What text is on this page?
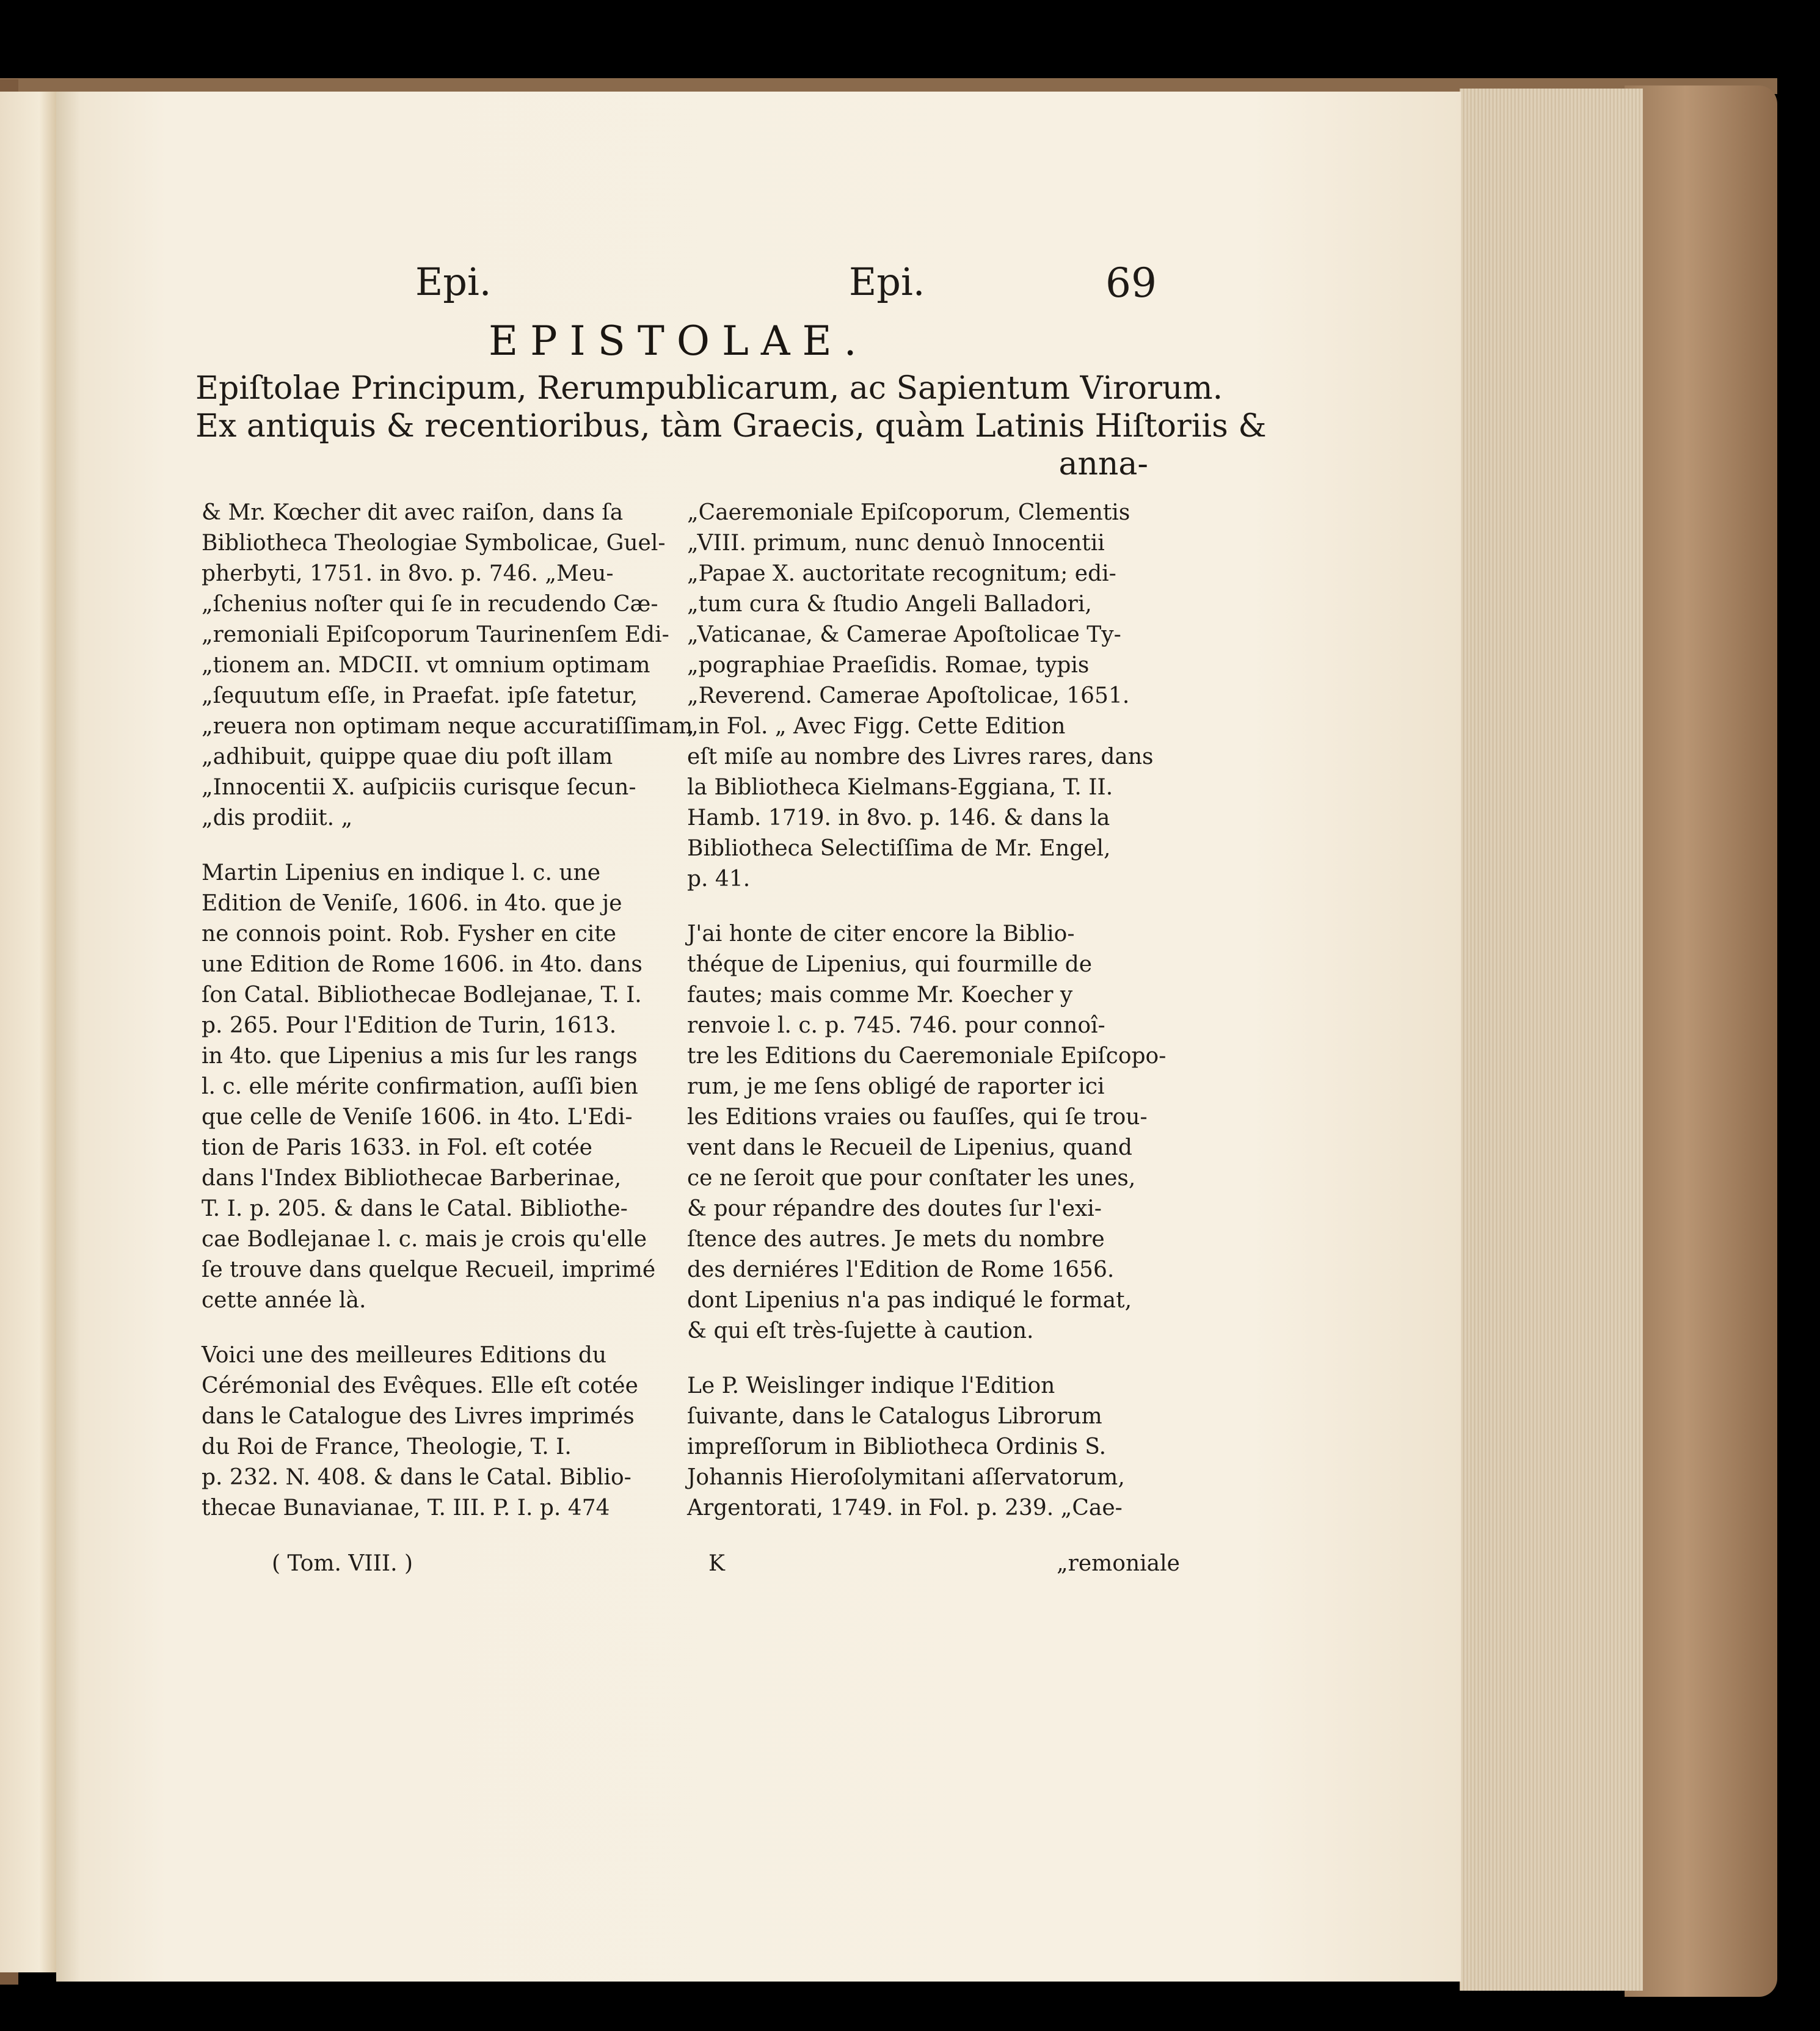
Epi.	Epi.	69
EPISTOLAE.
Epiſtolae Principum, Rerumpublicarum, ac Sapientum Virorum.
Ex antiquis & recentioribus, tàm Graecis, quàm Latinis Hiſtoriis &
anna-
& Mr. Kœcher dit avec raiſon, dans ſa
Bibliotheca Theologiae Symbolicae, Guel-
pherbyti, 1751. in 8vo. p. 746. „Meu-
„ſchenius noſter qui ſe in recudendo Cæ-
„remoniali Epiſcoporum Taurinenſem Edi-
„tionem an. MDCII. vt omnium optimam
„ſequutum eſſe, in Praefat. ipſe fatetur,
„reuera non optimam neque accuratiſſimam
„adhibuit, quippe quae diu poſt illam
„Innocentii X. auſpiciis curisque ſecun-
„dis prodiit. „
Martin Lipenius en indique l. c. une
Edition de Veniſe, 1606. in 4to. que je
ne connois point. Rob. Fysher en cite
une Edition de Rome 1606. in 4to. dans
ſon Catal. Bibliothecae Bodlejanae, T. I.
p. 265. Pour l'Edition de Turin, 1613.
in 4to. que Lipenius a mis ſur les rangs
l. c. elle mérite confirmation, auſſi bien
que celle de Veniſe 1606. in 4to. L'Edi-
tion de Paris 1633. in Fol. eſt cotée
dans l'Index Bibliothecae Barberinae,
T. I. p. 205. & dans le Catal. Bibliothe-
cae Bodlejanae l. c. mais je crois qu'elle
ſe trouve dans quelque Recueil, imprimé
cette année là.
Voici une des meilleures Editions du
Cérémonial des Evêques. Elle eſt cotée
dans le Catalogue des Livres imprimés
du Roi de France, Theologie, T. I.
p. 232. N. 408. & dans le Catal. Biblio-
thecae Bunavianae, T. III. P. I. p. 474
„Caeremoniale Epiſcoporum, Clementis
„VIII. primum, nunc denuò Innocentii
„Papae X. auctoritate recognitum; edi-
„tum cura & ſtudio Angeli Balladori,
„Vaticanae, & Camerae Apoſtolicae Ty-
„pographiae Praeſidis. Romae, typis
„Reverend. Camerae Apoſtolicae, 1651.
„in Fol. „ Avec Figg. Cette Edition
eſt miſe au nombre des Livres rares, dans
la Bibliotheca Kielmans-Eggiana, T. II.
Hamb. 1719. in 8vo. p. 146. & dans la
Bibliotheca Selectiſſima de Mr. Engel,
p. 41.
J'ai honte de citer encore la Biblio-
théque de Lipenius, qui fourmille de
fautes; mais comme Mr. Koecher y
renvoie l. c. p. 745. 746. pour connoî-
tre les Editions du Caeremoniale Epiſcopo-
rum, je me ſens obligé de raporter ici
les Editions vraies ou fauſſes, qui ſe trou-
vent dans le Recueil de Lipenius, quand
ce ne ſeroit que pour conſtater les unes,
& pour répandre des doutes ſur l'exi-
ſtence des autres. Je mets du nombre
des derniéres l'Edition de Rome 1656.
dont Lipenius n'a pas indiqué le format,
& qui eſt très-ſujette à caution.
Le P. Weislinger indique l'Edition
ſuivante, dans le Catalogus Librorum
impreſſorum in Bibliotheca Ordinis S.
Johannis Hieroſolymitani aſſervatorum,
Argentorati, 1749. in Fol. p. 239. „Cae-
( Tom. VIII. )	K	„remoniale
